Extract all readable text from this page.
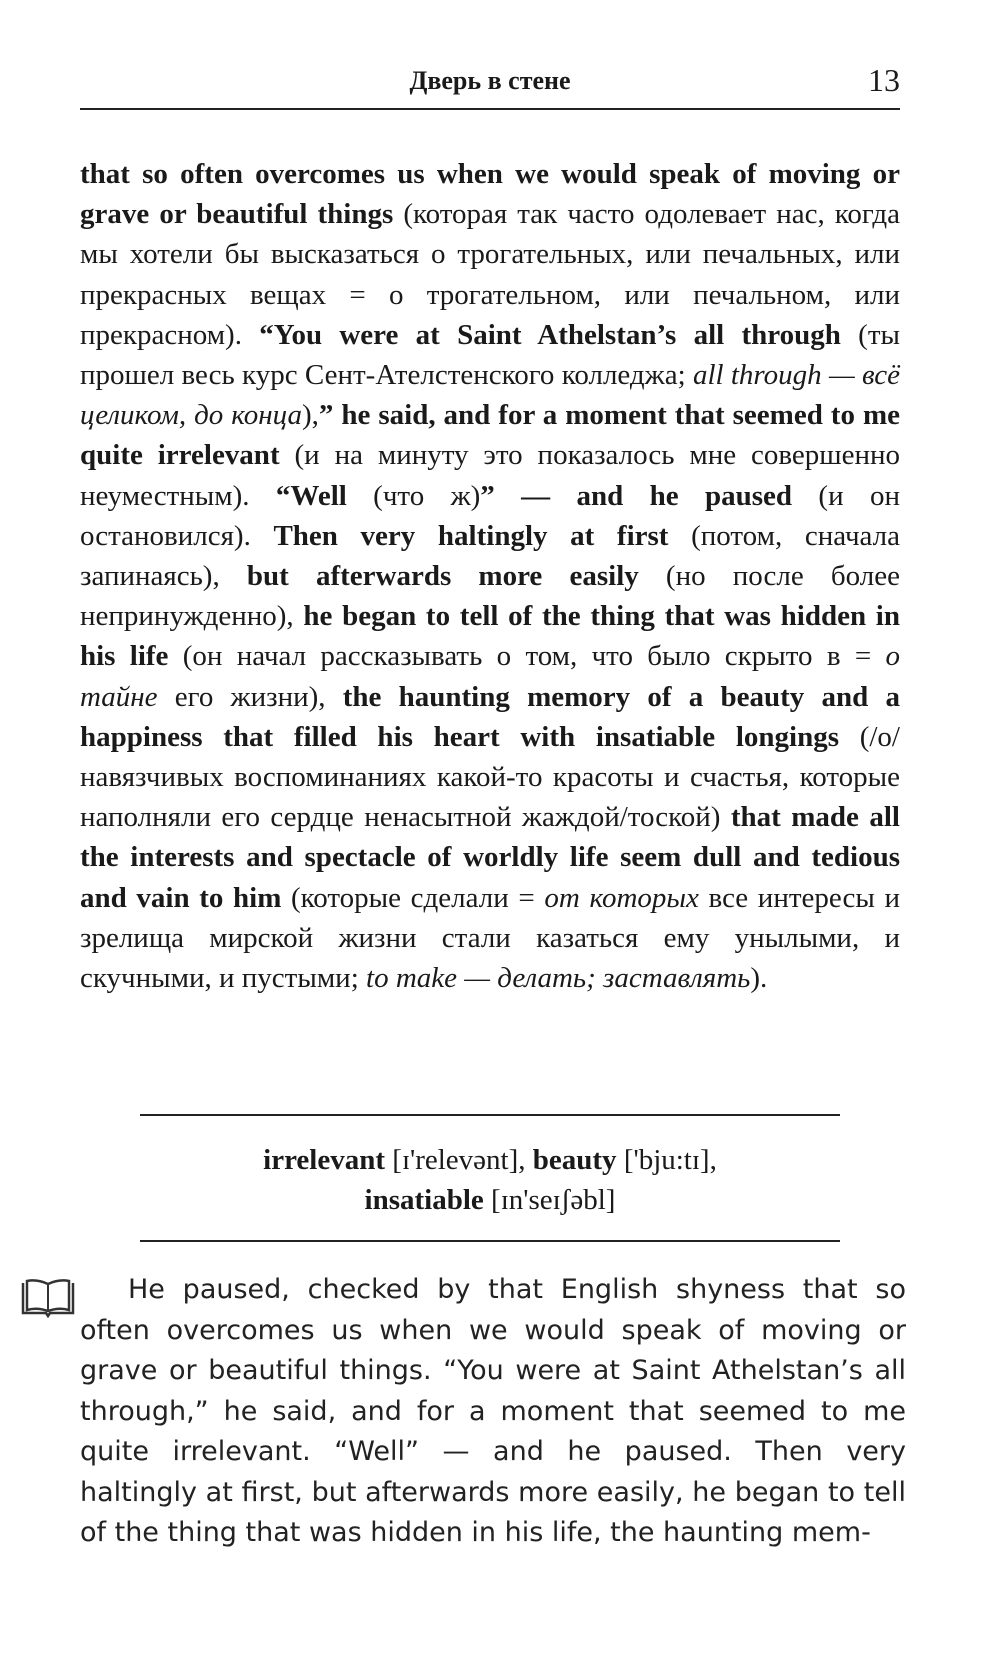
Дверь в стене	13

that so often overcomes us when we would speak of moving or grave or beautiful things (которая так часто одолевает нас, когда мы хотели бы высказаться о трогательных, или печальных, или прекрасных вещах = о трогательном, или печальном, или прекрасном). “You were at Saint Athelstan’s all through (ты прошел весь курс Сент-Ателстенского колледжа; all through — всё целиком, до конца),” he said, and for a moment that seemed to me quite irrelevant (и на минуту это показалось мне совершенно неуместным). “Well (что ж)” — and he paused (и он остановился). Then very haltingly at first (потом, сначала запинаясь), but afterwards more easily (но после более непринужденно), he began to tell of the thing that was hidden in his life (он начал рассказывать о том, что было скрыто в = о тайне его жизни), the haunting memory of a beauty and a happiness that filled his heart with insatiable longings (/о/ навязчивых воспоминаниях какой-то красоты и счастья, которые наполняли его сердце ненасытной жаждой/тоской) that made all the interests and spectacle of worldly life seem dull and tedious and vain to him (которые сделали = от которых все интересы и зрелища мирской жизни стали казаться ему унылыми, и скучными, и пустыми; to make — делать; заставлять).

irrelevant [ɪ'relevənt], beauty ['bju:tɪ],
insatiable [ɪn'seɪʃəbl]

He paused, checked by that English shyness that so often overcomes us when we would speak of moving or grave or beautiful things. “You were at Saint Athelstan’s all through,” he said, and for a moment that seemed to me quite irrelevant. “Well” — and he paused. Then very haltingly at first, but afterwards more easily, he began to tell of the thing that was hidden in his life, the haunting mem-
